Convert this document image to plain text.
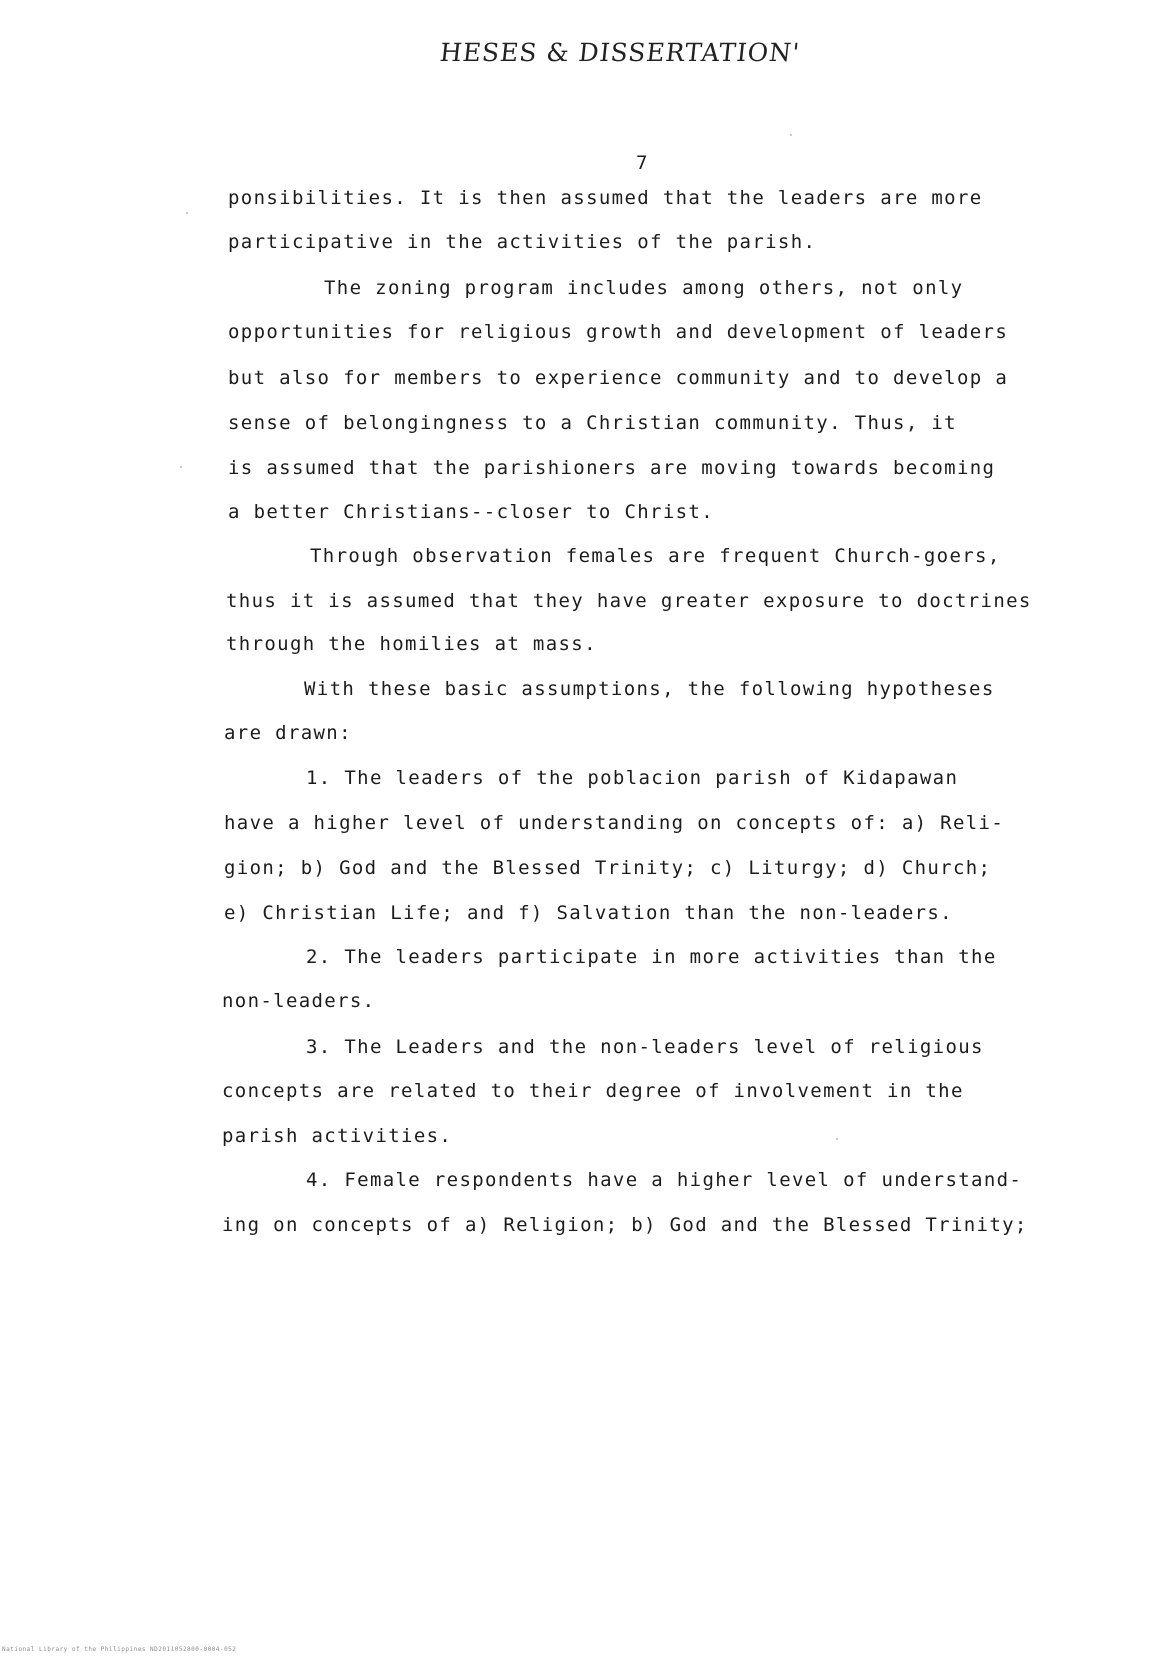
HESES & DISSERTATION'
7
ponsibilities. It is then assumed that the leaders are more
participative in the activities of the parish.
The zoning program includes among others, not only
opportunities for religious growth and development of leaders
but also for members to experience community and to develop a
sense of belongingness to a Christian community. Thus, it
is assumed that the parishioners are moving towards becoming
a better Christians--closer to Christ.
Through observation females are frequent Church-goers,
thus it is assumed that they have greater exposure to doctrines
through the homilies at mass.
With these basic assumptions, the following hypotheses
are drawn:
1. The leaders of the poblacion parish of Kidapawan
have a higher level of understanding on concepts of: a) Reli-
gion; b) God and the Blessed Trinity; c) Liturgy; d) Church;
e) Christian Life; and f) Salvation than the non-leaders.
2. The leaders participate in more activities than the
non-leaders.
3. The Leaders and the non-leaders level of religious
concepts are related to their degree of involvement in the
parish activities.
4. Female respondents have a higher level of understand-
ing on concepts of a) Religion; b) God and the Blessed Trinity;
National Library of the Philippines ND2011052800-0004-052
